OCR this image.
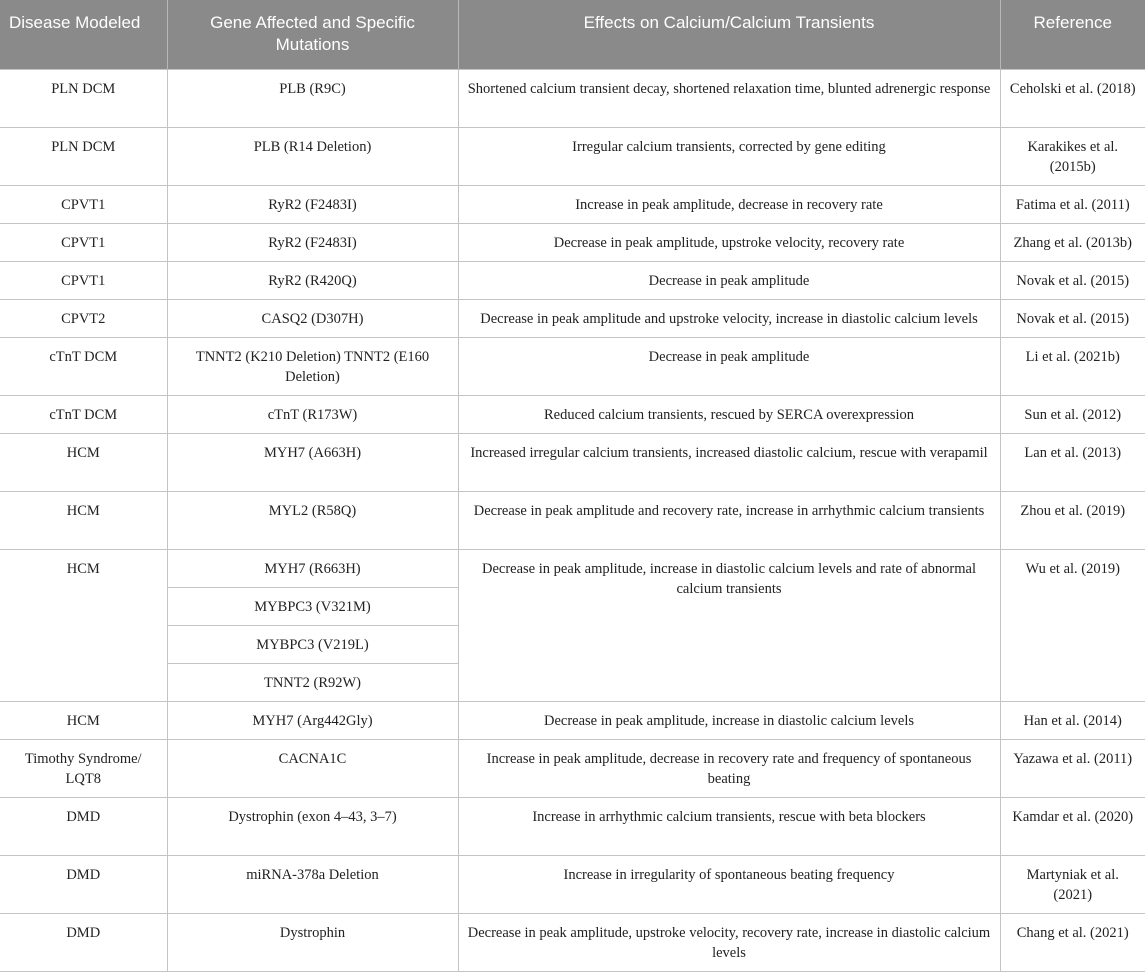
Disease Modeled	Gene Affected and Specific Mutations	Effects on Calcium/Calcium Transients	Reference
PLN DCM	PLB (R9C)	Shortened calcium transient decay, shortened relaxation time, blunted adrenergic response	Ceholski et al. (2018)
PLN DCM	PLB (R14 Deletion)	Irregular calcium transients, corrected by gene editing	Karakikes et al. (2015b)
CPVT1	RyR2 (F2483I)	Increase in peak amplitude, decrease in recovery rate	Fatima et al. (2011)
CPVT1	RyR2 (F2483I)	Decrease in peak amplitude, upstroke velocity, recovery rate	Zhang et al. (2013b)
CPVT1	RyR2 (R420Q)	Decrease in peak amplitude	Novak et al. (2015)
CPVT2	CASQ2 (D307H)	Decrease in peak amplitude and upstroke velocity, increase in diastolic calcium levels	Novak et al. (2015)
cTnT DCM	TNNT2 (K210 Deletion) TNNT2 (E160 Deletion)	Decrease in peak amplitude	Li et al. (2021b)
cTnT DCM	cTnT (R173W)	Reduced calcium transients, rescued by SERCA overexpression	Sun et al. (2012)
HCM	MYH7 (A663H)	Increased irregular calcium transients, increased diastolic calcium, rescue with verapamil	Lan et al. (2013)
HCM	MYL2 (R58Q)	Decrease in peak amplitude and recovery rate, increase in arrhythmic calcium transients	Zhou et al. (2019)
HCM	MYH7 (R663H)	Decrease in peak amplitude, increase in diastolic calcium levels and rate of abnormal calcium transients	Wu et al. (2019)
	MYBPC3 (V321M)		
	MYBPC3 (V219L)		
	TNNT2 (R92W)		
HCM	MYH7 (Arg442Gly)	Decrease in peak amplitude, increase in diastolic calcium levels	Han et al. (2014)
Timothy Syndrome/ LQT8	CACNA1C	Increase in peak amplitude, decrease in recovery rate and frequency of spontaneous beating	Yazawa et al. (2011)
DMD	Dystrophin (exon 4–43, 3–7)	Increase in arrhythmic calcium transients, rescue with beta blockers	Kamdar et al. (2020)
DMD	miRNA-378a Deletion	Increase in irregularity of spontaneous beating frequency	Martyniak et al. (2021)
DMD	Dystrophin	Decrease in peak amplitude, upstroke velocity, recovery rate, increase in diastolic calcium levels	Chang et al. (2021)
